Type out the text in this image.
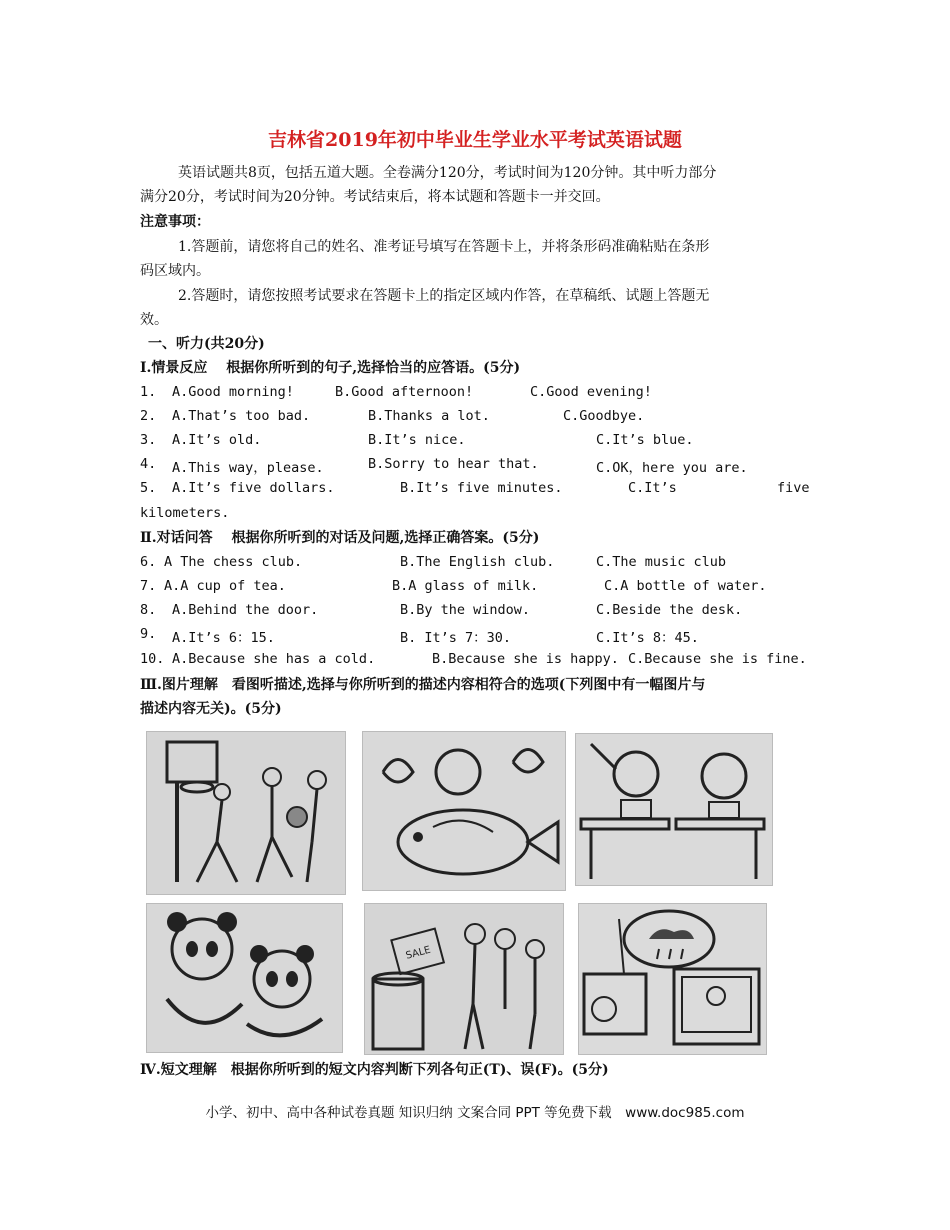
吉林省2019年初中毕业生学业水平考试英语试题
英语试题共8页，包括五道大题。全卷满分120分，考试时间为120分钟。其中听力部分
满分20分，考试时间为20分钟。考试结束后，将本试题和答题卡一并交回。
注意事项：
1.答题前，请您将自己的姓名、准考证号填写在答题卡上，并将条形码准确粘贴在条形
码区域内。
2.答题时，请您按照考试要求在答题卡上的指定区域内作答，在草稿纸、试题上答题无
效。
一、听力(共20分)
Ⅰ.情景反应　 根据你所听到的句子,选择恰当的应答语。(5分)
1. A.Good morning!	B.Good afternoon!	C.Good evening!
2. A.That’s too bad.	B.Thanks a lot.	C.Goodbye.
3. A.It’s old.	B.It’s nice.	C.It’s blue.
4. A.This way，please.	B.Sorry to hear that.	C.OK，here you are.
5. A.It’s five dollars.	B.It’s five minutes.	C.It’s	five
kilometers.
Ⅱ.对话问答　 根据你所听到的对话及问题,选择正确答案。(5分)
6. A The chess club.	B.The English club.	C.The music club
7. A.A cup of tea.	B.A glass of milk.	C.A bottle of water.
8. A.Behind the door.	B.By the window.	C.Beside the desk.
9. A.It’s 6：15.	B. It’s 7：30.	C.It’s 8：45.
10. A.Because she has a cold.	B.Because she is happy. C.Because she is fine.
Ⅲ.图片理解　看图听描述,选择与你所听到的描述内容相符合的选项(下列图中有一幅图片与
描述内容无关)。(5分)
SALE
Ⅳ.短文理解　根据你所听到的短文内容判断下列各句正(T)、误(F)。(5分)
小学、初中、高中各种试卷真题 知识归纳 文案合同 PPT 等免费下载　www.doc985.com
